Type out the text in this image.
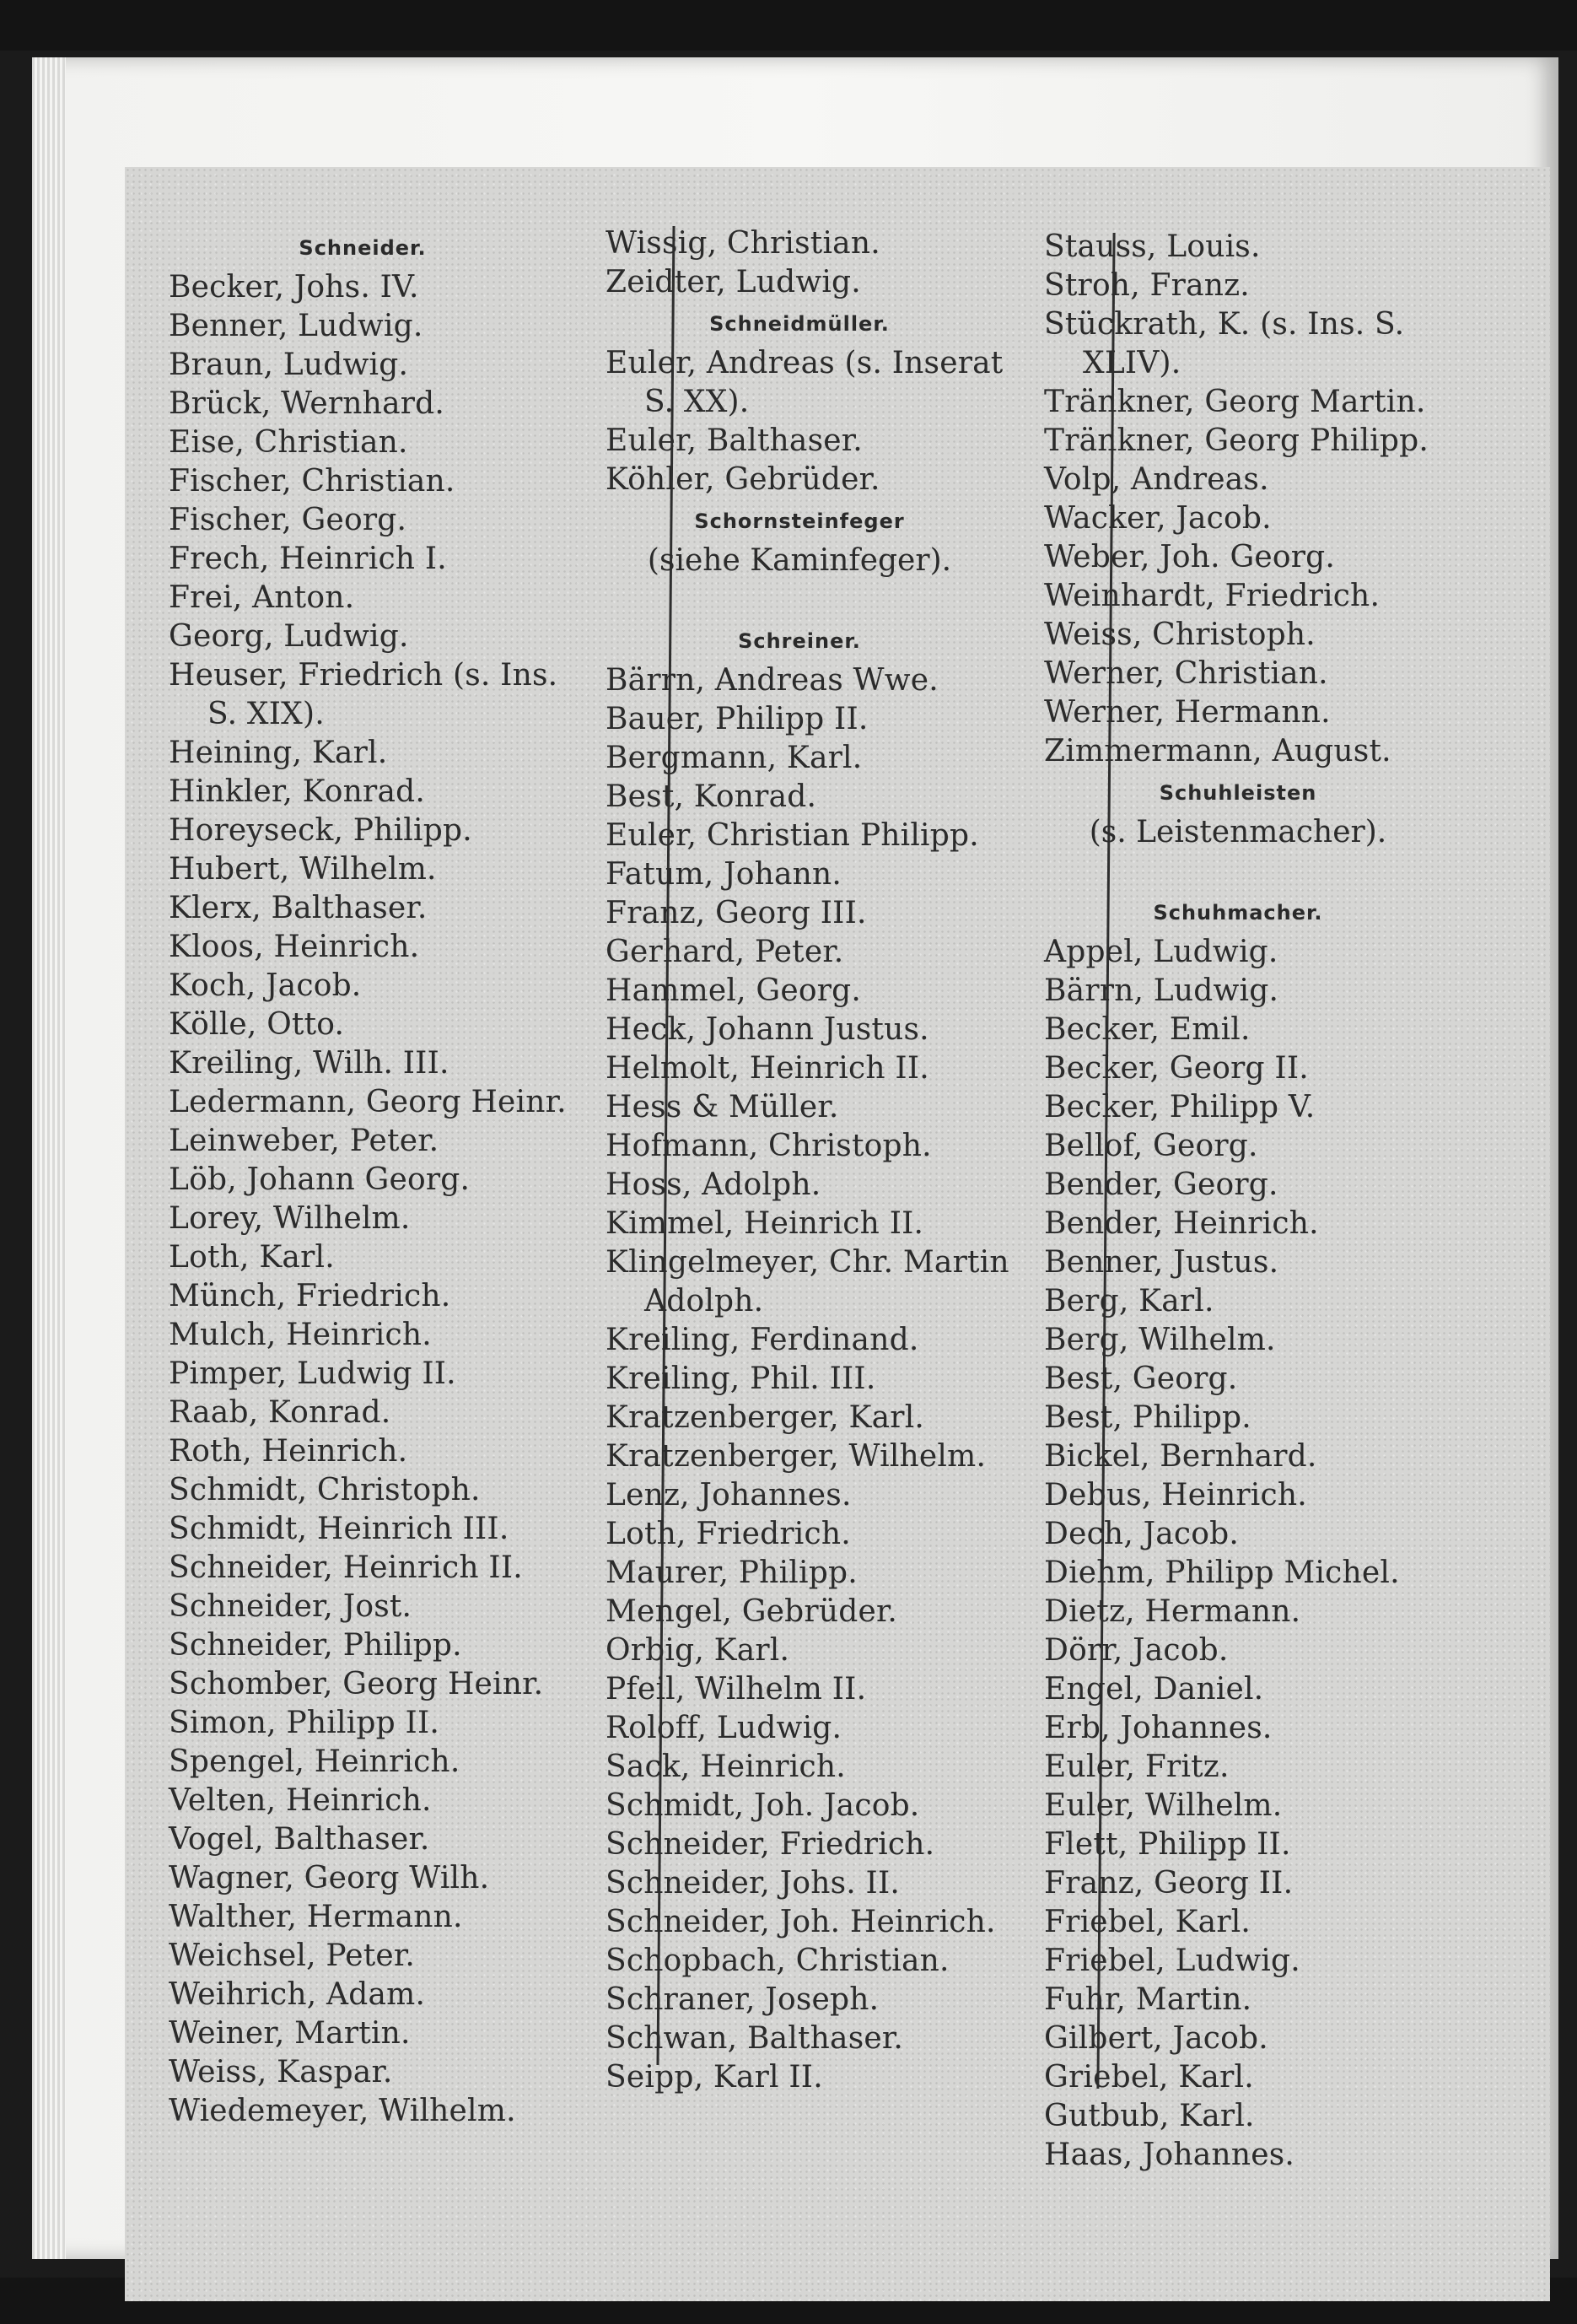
Schneider.
Becker, Johs. IV.
Benner, Ludwig.
Braun, Ludwig.
Brück, Wernhard.
Eise, Christian.
Fischer, Christian.
Fischer, Georg.
Frech, Heinrich I.
Frei, Anton.
Georg, Ludwig.
Heuser, Friedrich (s. Ins.
S. XIX).
Heining, Karl.
Hinkler, Konrad.
Horeyseck, Philipp.
Hubert, Wilhelm.
Klerx, Balthaser.
Kloos, Heinrich.
Koch, Jacob.
Kölle, Otto.
Kreiling, Wilh. III.
Ledermann, Georg Heinr.
Leinweber, Peter.
Löb, Johann Georg.
Lorey, Wilhelm.
Loth, Karl.
Münch, Friedrich.
Mulch, Heinrich.
Pimper, Ludwig II.
Raab, Konrad.
Roth, Heinrich.
Schmidt, Christoph.
Schmidt, Heinrich III.
Schneider, Heinrich II.
Schneider, Jost.
Schneider, Philipp.
Schomber, Georg Heinr.
Simon, Philipp II.
Spengel, Heinrich.
Velten, Heinrich.
Vogel, Balthaser.
Wagner, Georg Wilh.
Walther, Hermann.
Weichsel, Peter.
Weihrich, Adam.
Weiner, Martin.
Weiss, Kaspar.
Wiedemeyer, Wilhelm.
Wissig, Christian.
Zeidter, Ludwig.
Schneidmüller.
Euler, Andreas (s. Inserat
S. XX).
Euler, Balthaser.
Köhler, Gebrüder.
Schornsteinfeger
(siehe Kaminfeger).
Schreiner.
Bärrn, Andreas Wwe.
Bauer, Philipp II.
Bergmann, Karl.
Best, Konrad.
Euler, Christian Philipp.
Fatum, Johann.
Franz, Georg III.
Gerhard, Peter.
Hammel, Georg.
Heck, Johann Justus.
Helmolt, Heinrich II.
Hess & Müller.
Hofmann, Christoph.
Hoss, Adolph.
Kimmel, Heinrich II.
Klingelmeyer, Chr. Martin
Adolph.
Kreiling, Ferdinand.
Kreiling, Phil. III.
Kratzenberger, Karl.
Kratzenberger, Wilhelm.
Lenz, Johannes.
Loth, Friedrich.
Maurer, Philipp.
Mengel, Gebrüder.
Orbig, Karl.
Pfeil, Wilhelm II.
Roloff, Ludwig.
Sack, Heinrich.
Schmidt, Joh. Jacob.
Schneider, Friedrich.
Schneider, Johs. II.
Schneider, Joh. Heinrich.
Schopbach, Christian.
Schraner, Joseph.
Schwan, Balthaser.
Seipp, Karl II.
Stauss, Louis.
Stroh, Franz.
Stückrath, K. (s. Ins. S.
XLIV).
Tränkner, Georg Martin.
Tränkner, Georg Philipp.
Volp, Andreas.
Wacker, Jacob.
Weber, Joh. Georg.
Weinhardt, Friedrich.
Weiss, Christoph.
Werner, Christian.
Werner, Hermann.
Zimmermann, August.
Schuhleisten
(s. Leistenmacher).
Schuhmacher.
Appel, Ludwig.
Bärrn, Ludwig.
Becker, Emil.
Becker, Georg II.
Becker, Philipp V.
Bellof, Georg.
Bender, Georg.
Bender, Heinrich.
Benner, Justus.
Berg, Karl.
Berg, Wilhelm.
Best, Georg.
Best, Philipp.
Bickel, Bernhard.
Debus, Heinrich.
Dech, Jacob.
Diehm, Philipp Michel.
Dietz, Hermann.
Dörr, Jacob.
Engel, Daniel.
Erb, Johannes.
Euler, Fritz.
Euler, Wilhelm.
Flett, Philipp II.
Franz, Georg II.
Friebel, Karl.
Friebel, Ludwig.
Fuhr, Martin.
Gilbert, Jacob.
Griebel, Karl.
Gutbub, Karl.
Haas, Johannes.
